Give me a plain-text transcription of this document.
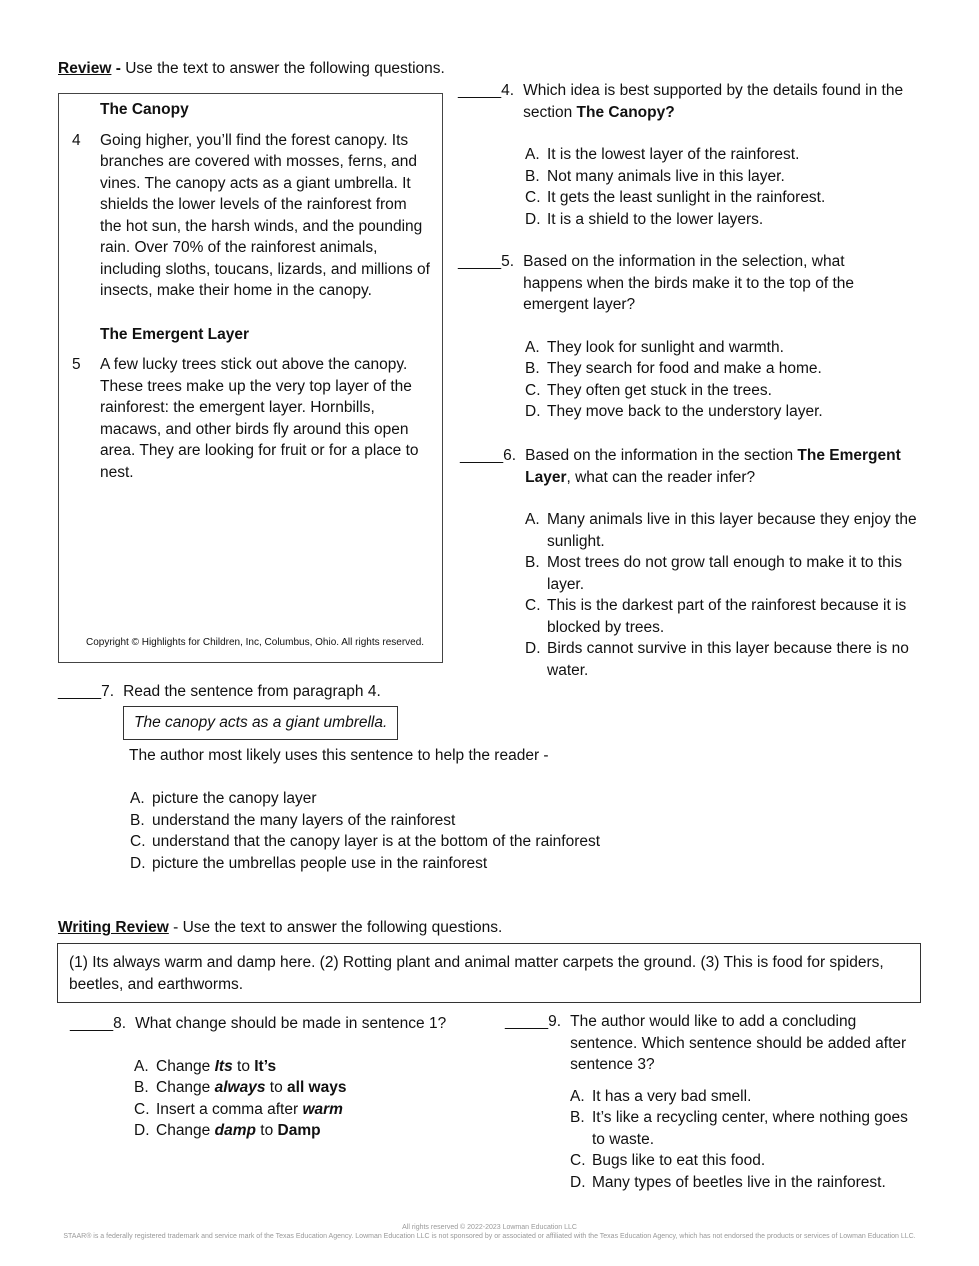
Review - Use the text to answer the following questions.
The Canopy
4	Going higher, you’ll find the forest canopy. Its branches are covered with mosses, ferns, and vines. The canopy acts as a giant umbrella. It shields the lower levels of the rainforest from the hot sun, the harsh winds, and the pounding rain. Over 70% of the rainforest animals, including sloths, toucans, lizards, and millions of insects, make their home in the canopy.
The Emergent Layer
5	A few lucky trees stick out above the canopy. These trees make up the very top layer of the rainforest: the emergent layer. Hornbills, macaws, and other birds fly around this open area. They are looking for fruit or for a place to nest.
Copyright © Highlights for Children, Inc, Columbus, Ohio. All rights reserved.
_____ 4. Which idea is best supported by the details found in the section The Canopy?
A. It is the lowest layer of the rainforest.
B. Not many animals live in this layer.
C. It gets the least sunlight in the rainforest.
D. It is a shield to the lower layers.
_____ 5. Based on the information in the selection, what happens when the birds make it to the top of the emergent layer?
A. They look for sunlight and warmth.
B. They search for food and make a home.
C. They often get stuck in the trees.
D. They move back to the understory layer.
_____ 6. Based on the information in the section The Emergent Layer, what can the reader infer?
A. Many animals live in this layer because they enjoy the sunlight.
B. Most trees do not grow tall enough to make it to this layer.
C. This is the darkest part of the rainforest because it is blocked by trees.
D. Birds cannot survive in this layer because there is no water.
_____ 7. Read the sentence from paragraph 4.
The canopy acts as a giant umbrella.
The author most likely uses this sentence to help the reader -
A. picture the canopy layer
B. understand the many layers of the rainforest
C. understand that the canopy layer is at the bottom of the rainforest
D. picture the umbrellas people use in the rainforest
Writing Review - Use the text to answer the following questions.
(1) Its always warm and damp here. (2) Rotting plant and animal matter carpets the ground. (3) This is food for spiders, beetles, and earthworms.
_____ 8. What change should be made in sentence 1?
A. Change Its to It’s
B. Change always to all ways
C. Insert a comma after warm
D. Change damp to Damp
_____ 9. The author would like to add a concluding sentence. Which sentence should be added after sentence 3?
A. It has a very bad smell.
B. It’s like a recycling center, where nothing goes to waste.
C. Bugs like to eat this food.
D. Many types of beetles live in the rainforest.
All rights reserved © 2022-2023 Lowman Education LLC
STAAR® is a federally registered trademark and service mark of the Texas Education Agency. Lowman Education LLC is not sponsored by or associated or affiliated with the Texas Education Agency, which has not endorsed the products or services of Lowman Education LLC.
